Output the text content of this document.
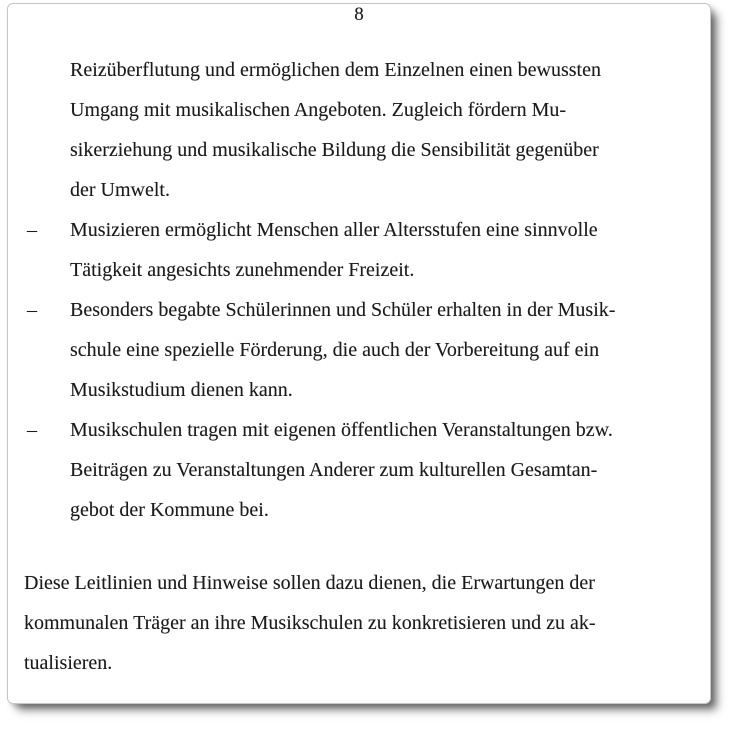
8

Reizüberflutung und ermöglichen dem Einzelnen einen bewussten
Umgang mit musikalischen Angeboten. Zugleich fördern Mu-
sikerziehung und musikalische Bildung die Sensibilität gegenüber
der Umwelt.

–	Musizieren ermöglicht Menschen aller Altersstufen eine sinnvolle
Tätigkeit angesichts zunehmender Freizeit.
–	Besonders begabte Schülerinnen und Schüler erhalten in der Musik-
schule eine spezielle Förderung, die auch der Vorbereitung auf ein
Musikstudium dienen kann.
–	Musikschulen tragen mit eigenen öffentlichen Veranstaltungen bzw.
Beiträgen zu Veranstaltungen Anderer zum kulturellen Gesamtan-
gebot der Kommune bei.

Diese Leitlinien und Hinweise sollen dazu dienen, die Erwartungen der
kommunalen Träger an ihre Musikschulen zu konkretisieren und zu ak-
tualisieren.
